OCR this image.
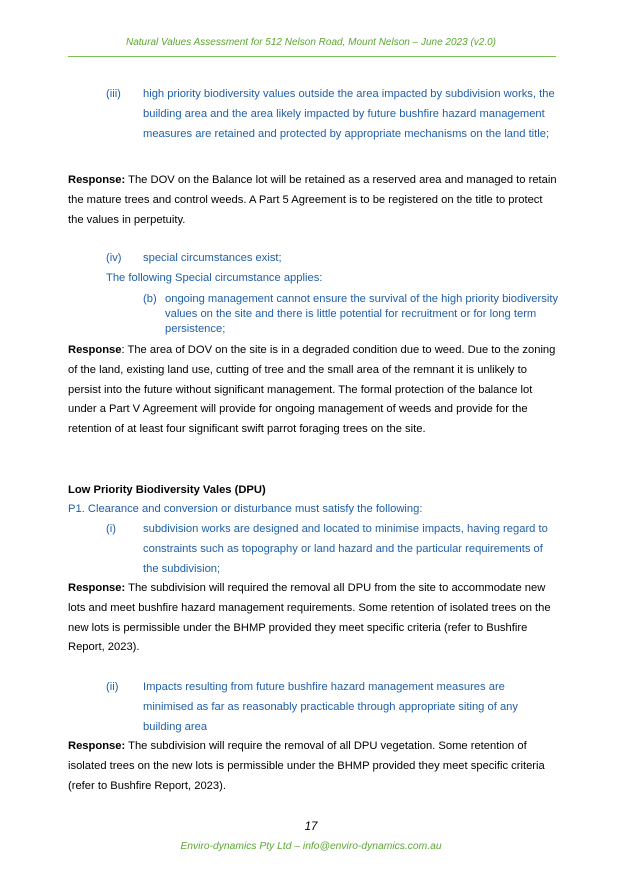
Natural Values Assessment for 512 Nelson Road, Mount Nelson – June 2023 (v2.0)
(iii) high priority biodiversity values outside the area impacted by subdivision works, the building area and the area likely impacted by future bushfire hazard management measures are retained and protected by appropriate mechanisms on the land title;
Response: The DOV on the Balance lot will be retained as a reserved area and managed to retain the mature trees and control weeds. A Part 5 Agreement is to be registered on the title to protect the values in perpetuity.
(iv) special circumstances exist;
The following Special circumstance applies:
(b) ongoing management cannot ensure the survival of the high priority biodiversity values on the site and there is little potential for recruitment or for long term persistence;
Response: The area of DOV on the site is in a degraded condition due to weed. Due to the zoning of the land, existing land use, cutting of tree and the small area of the remnant it is unlikely to persist into the future without significant management. The formal protection of the balance lot under a Part V Agreement will provide for ongoing management of weeds and provide for the retention of at least four significant swift parrot foraging trees on the site.
Low Priority Biodiversity Vales (DPU)
P1. Clearance and conversion or disturbance must satisfy the following:
(i) subdivision works are designed and located to minimise impacts, having regard to constraints such as topography or land hazard and the particular requirements of the subdivision;
Response: The subdivision will required the removal all DPU from the site to accommodate new lots and meet bushfire hazard management requirements. Some retention of isolated trees on the new lots is permissible under the BHMP provided they meet specific criteria (refer to Bushfire Report, 2023).
(ii) Impacts resulting from future bushfire hazard management measures are minimised as far as reasonably practicable through appropriate siting of any building area
Response: The subdivision will require the removal of all DPU vegetation. Some retention of isolated trees on the new lots is permissible under the BHMP provided they meet specific criteria (refer to Bushfire Report, 2023).
17
Enviro-dynamics Pty Ltd – info@enviro-dynamics.com.au
